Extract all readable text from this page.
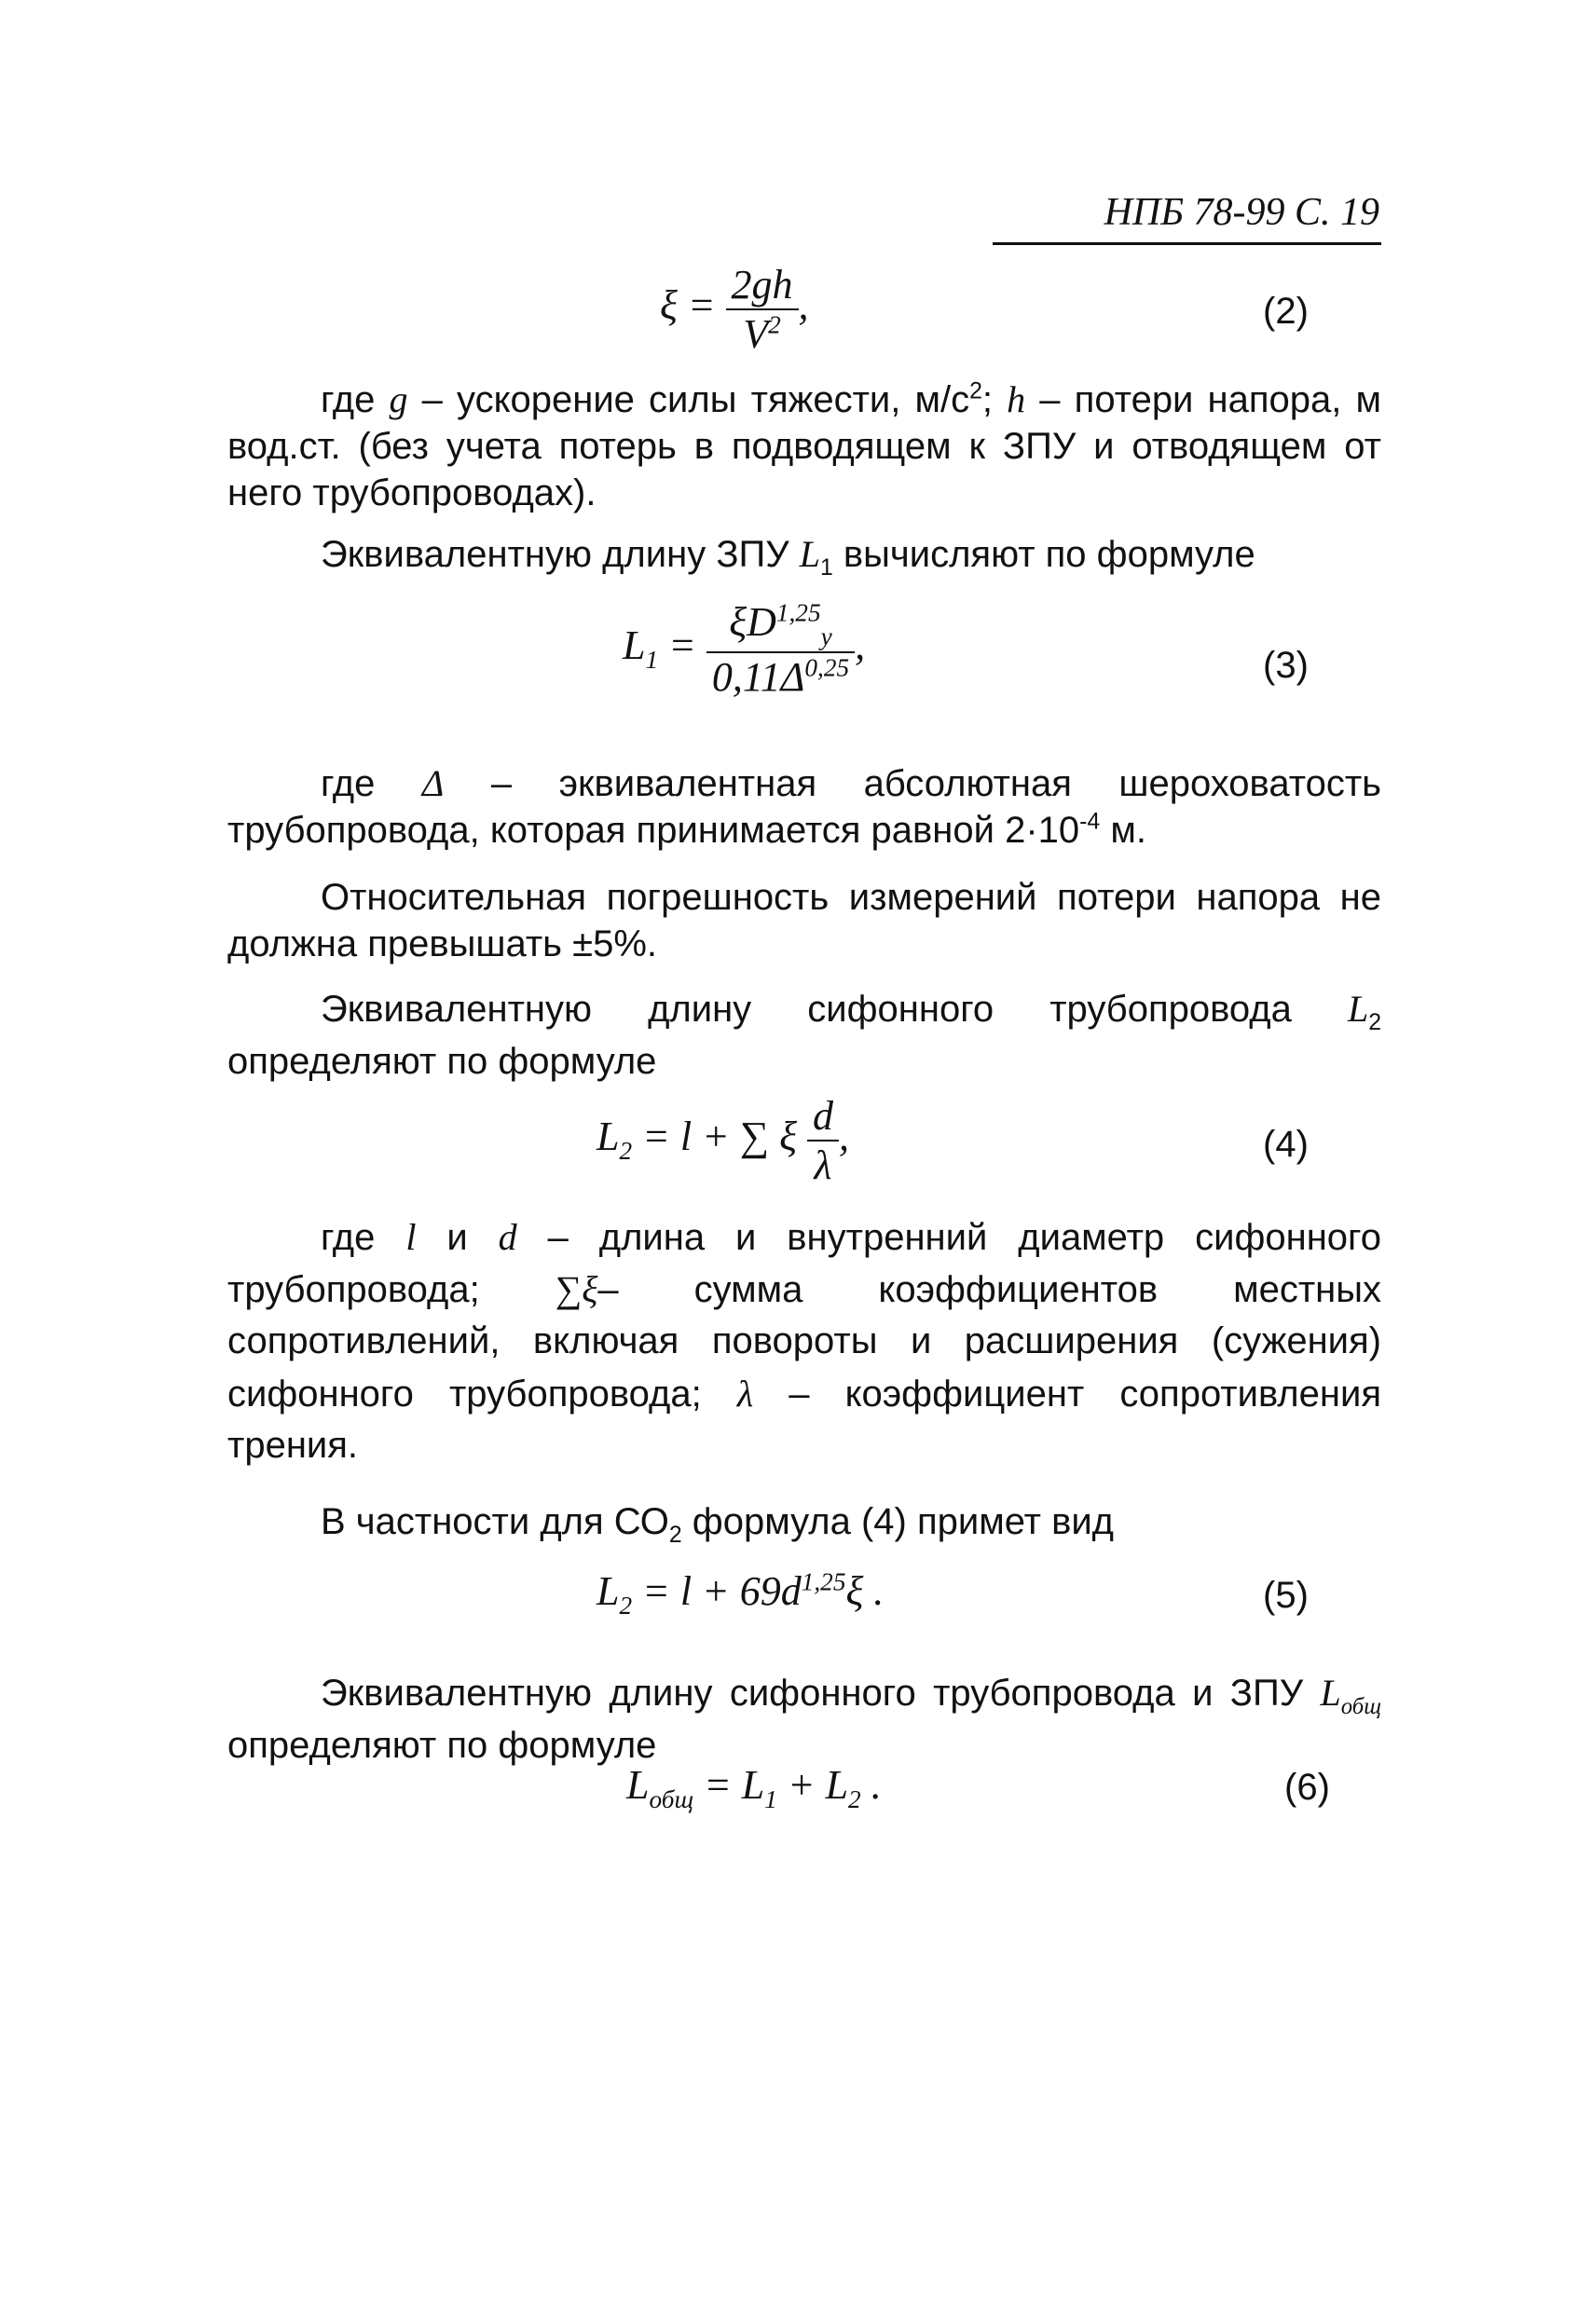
НПБ 78-99 С. 19
$\xi = \frac{2gh}{V^2}$ ,	(2)
где g – ускорение силы тяжести, $м/с^2$; h – потери напора, м вод.ст. (без учета потерь в подводящем к ЗПУ и отводящем от него трубопроводах).
Эквивалентную длину ЗПУ $L_1$ вычисляют по формуле
$L_1 = \frac{\xi D^{1,25}_y}{0,11\Delta^{0,25}}$ ,	(3)
где Δ – эквивалентная абсолютная шероховатость трубопровода, которая принимается равной $2\cdot 10^{-4}$ м.
Относительная погрешность измерений потери напора не должна превышать ±5%.
Эквивалентную длину сифонного трубопровода $L_2$ определяют по формуле
$L_2 = l$ + ∑ ξ $\frac{d}{\lambda}$ ,	(4)
где l и d – длина и внутренний диаметр сифонного трубопровода; ∑ξ– сумма коэффициентов местных сопротивлений, включая повороты и расширения (сужения) сифонного трубопровода; λ – коэффициент сопротивления трения.
В частности для $СО_2$ формула (4) примет вид
$L_2 = l + 69d^{1,25}\xi$ .	(5)
Эквивалентную длину сифонного трубопровода и ЗПУ $L_{общ}$ определяют по формуле
$L_{общ} = L_1 + L_2$ .	(6)
